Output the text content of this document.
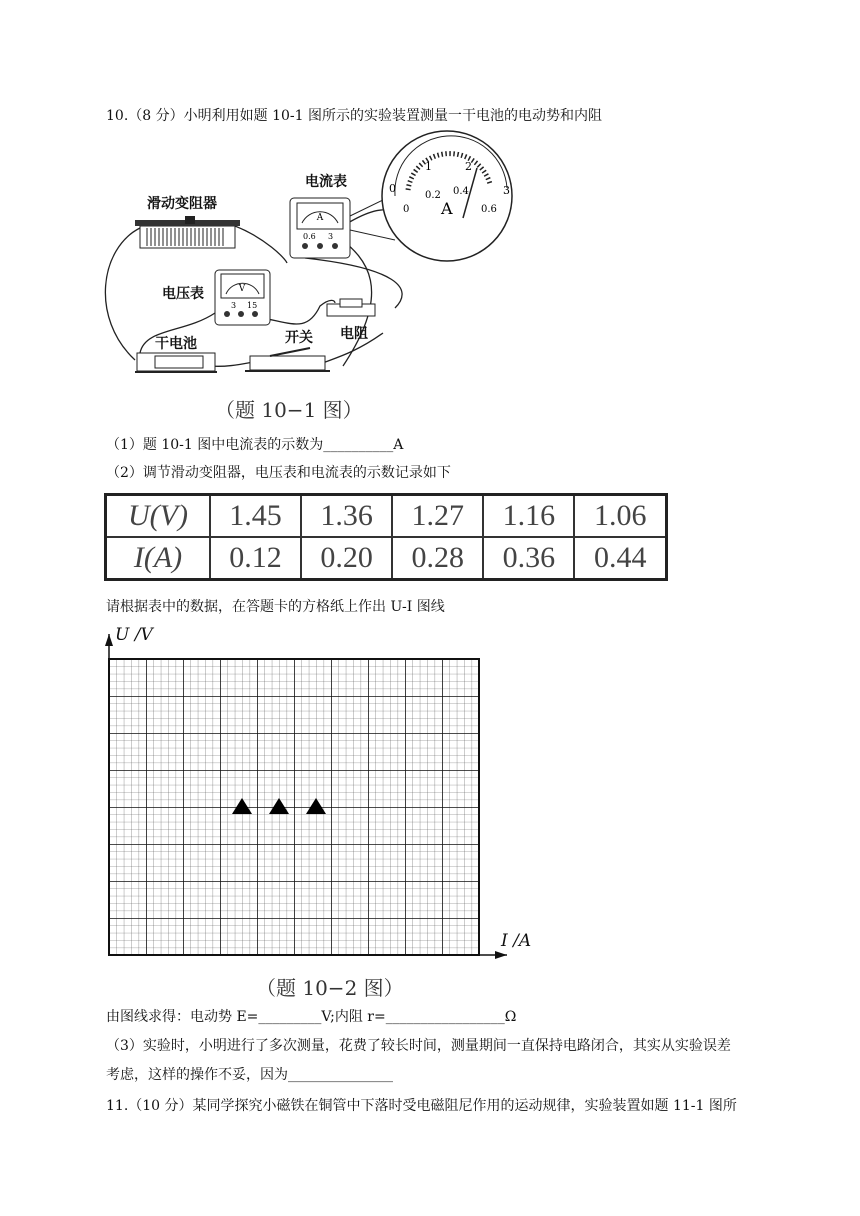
10.（8 分）小明利用如题 10-1 图所示的实验装置测量一干电池的电动势和内阻
滑动变阻器
A
0.6 3
电流表	0
1	2
3
0
0.2 0.4
0.6
A
V
3 15
电压表
干电池	开关 电阻
（题 10−1 图）
（1）题 10-1 图中电流表的示数为__________A
（2）调节滑动变阻器，电压表和电流表的示数记录如下
U(V)	1.45	1.36	1.27	1.16	1.06
I(A)	0.12	0.20	0.28	0.36	0.44
请根据表中的数据，在答题卡的方格纸上作出 U-I 图线
U /V
I /A
（题 10−2 图）
由图线求得：电动势 E=_________V;内阻 r=_________________Ω
（3）实验时，小明进行了多次测量，花费了较长时间，测量期间一直保持电路闭合，其实从实验误差
考虑，这样的操作不妥，因为_______________
11.（10 分）某同学探究小磁铁在铜管中下落时受电磁阻尼作用的运动规律，实验装置如题 11-1 图所
